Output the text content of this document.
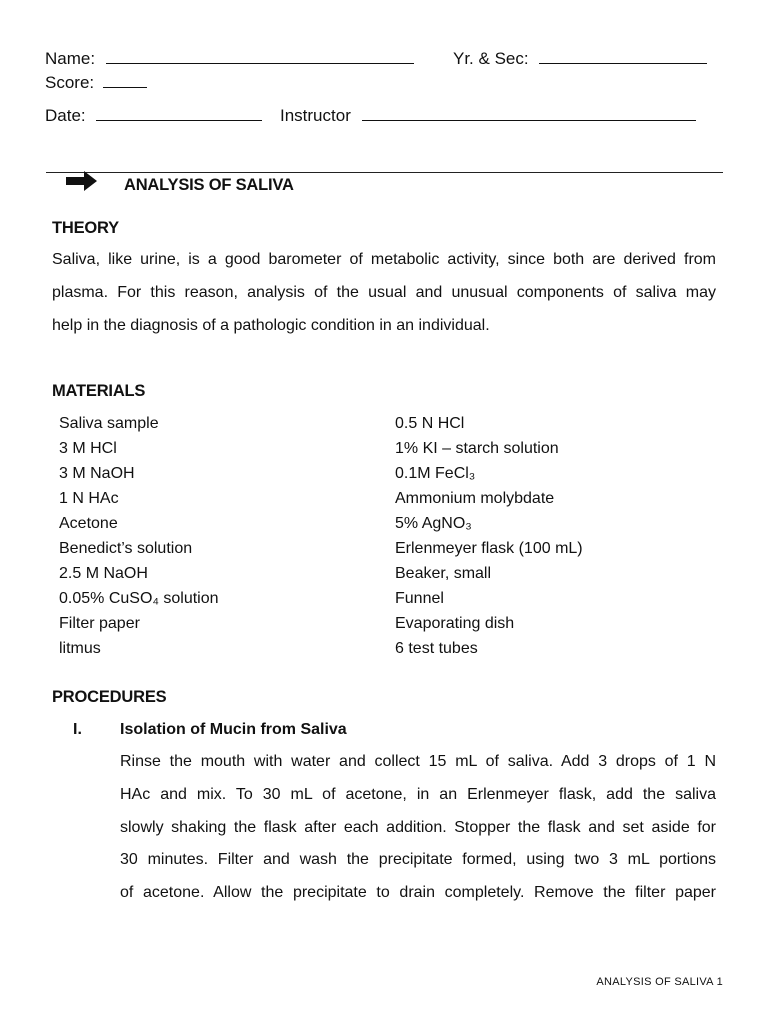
Name:	Yr. & Sec:
Score:
Date:	Instructor
ANALYSIS OF SALIVA
THEORY
Saliva, like urine, is a good barometer of metabolic activity, since both are derived from
plasma. For this reason, analysis of the usual and unusual components of saliva may
help in the diagnosis of a pathologic condition in an individual.
MATERIALS
Saliva sample
3 M HCl
3 M NaOH
1 N HAc
Acetone
Benedict’s solution
2.5 M NaOH
0.05% CuSO₄ solution
Filter paper
litmus
0.5 N HCl
1% KI – starch solution
0.1M FeCl₃
Ammonium molybdate
5% AgNO₃
Erlenmeyer flask (100 mL)
Beaker, small
Funnel
Evaporating dish
6 test tubes
PROCEDURES
I. Isolation of Mucin from Saliva
Rinse the mouth with water and collect 15 mL of saliva. Add 3 drops of 1 N
HAc and mix. To 30 mL of acetone, in an Erlenmeyer flask, add the saliva
slowly shaking the flask after each addition. Stopper the flask and set aside for
30 minutes. Filter and wash the precipitate formed, using two 3 mL portions
of acetone. Allow the precipitate to drain completely. Remove the filter paper
ANALYSIS OF SALIVA 1
